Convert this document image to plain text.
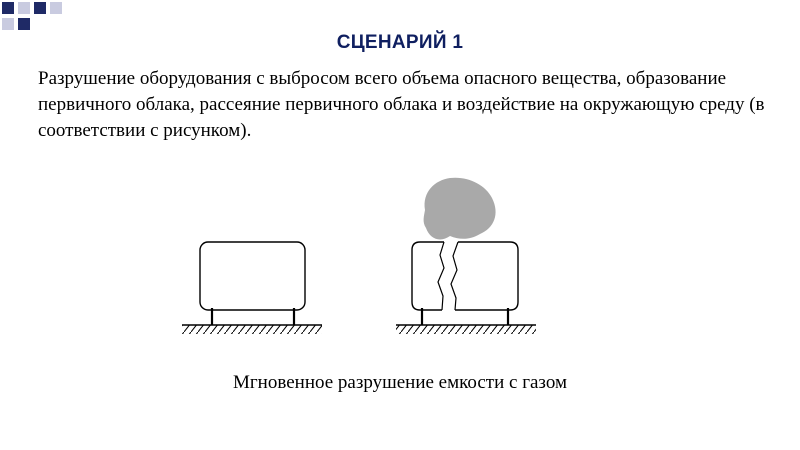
СЦЕНАРИЙ 1

Разрушение оборудования с выбросом всего объема опасного вещества, образование первичного облака, рассеяние первичного облака и воздействие на окружающую среду (в соответствии с рисунком).

Мгновенное разрушение емкости с газом
